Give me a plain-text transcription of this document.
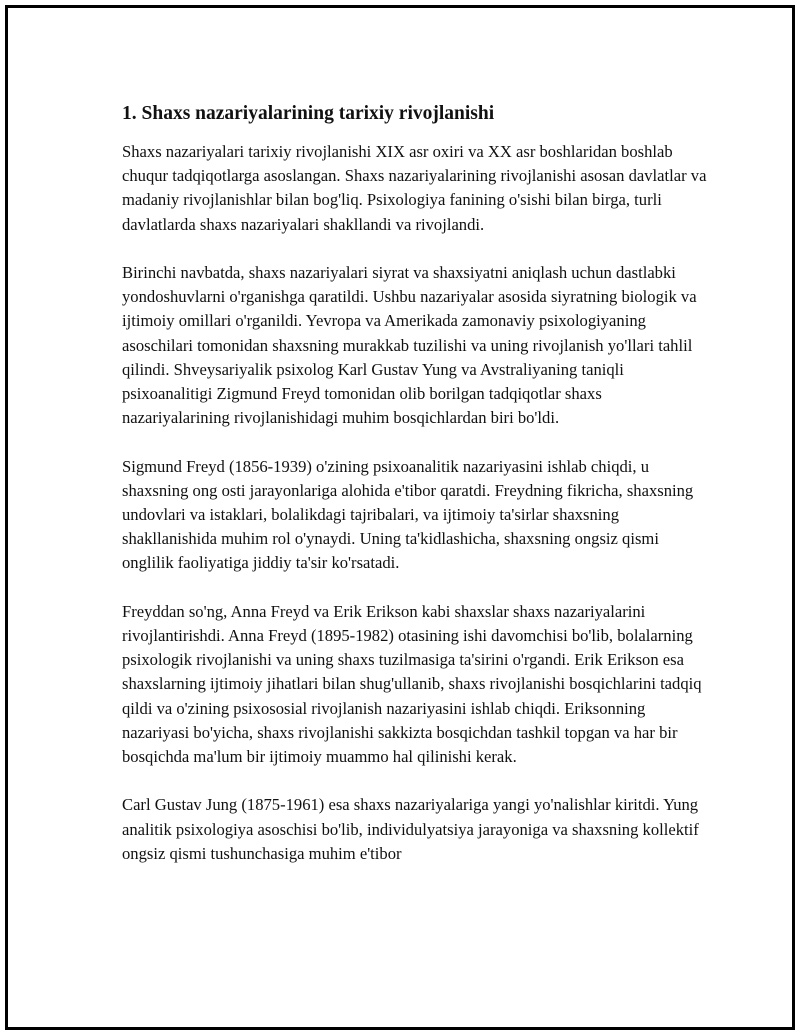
1. Shaxs nazariyalarining tarixiy rivojlanishi

Shaxs nazariyalari tarixiy rivojlanishi XIX asr oxiri va XX asr boshlaridan boshlab chuqur tadqiqotlarga asoslangan. Shaxs nazariyalarining rivojlanishi asosan davlatlar va madaniy rivojlanishlar bilan bog'liq. Psixologiya fanining o'sishi bilan birga, turli davlatlarda shaxs nazariyalari shakllandi va rivojlandi.

Birinchi navbatda, shaxs nazariyalari siyrat va shaxsiyatni aniqlash uchun dastlabki yondoshuvlarni o'rganishga qaratildi. Ushbu nazariyalar asosida siyratning biologik va ijtimoiy omillari o'rganildi. Yevropa va Amerikada zamonaviy psixologiyaning asoschilari tomonidan shaxsning murakkab tuzilishi va uning rivojlanish yo'llari tahlil qilindi. Shveysariyalik psixolog Karl Gustav Yung va Avstraliyaning taniqli psixoanalitigi Zigmund Freyd tomonidan olib borilgan tadqiqotlar shaxs nazariyalarining rivojlanishidagi muhim bosqichlardan biri bo'ldi.

Sigmund Freyd (1856-1939) o'zining psixoanalitik nazariyasini ishlab chiqdi, u shaxsning ong osti jarayonlariga alohida e'tibor qaratdi. Freydning fikricha, shaxsning undovlari va istaklari, bolalikdagi tajribalari, va ijtimoiy ta'sirlar shaxsning shakllanishida muhim rol o'ynaydi. Uning ta'kidlashicha, shaxsning ongsiz qismi onglilik faoliyatiga jiddiy ta'sir ko'rsatadi.

Freyddan so'ng, Anna Freyd va Erik Erikson kabi shaxslar shaxs nazariyalarini rivojlantirishdi. Anna Freyd (1895-1982) otasining ishi davomchisi bo'lib, bolalarning psixologik rivojlanishi va uning shaxs tuzilmasiga ta'sirini o'rgandi. Erik Erikson esa shaxslarning ijtimoiy jihatlari bilan shug'ullanib, shaxs rivojlanishi bosqichlarini tadqiq qildi va o'zining psixososial rivojlanish nazariyasini ishlab chiqdi. Eriksonning nazariyasi bo'yicha, shaxs rivojlanishi sakkizta bosqichdan tashkil topgan va har bir bosqichda ma'lum bir ijtimoiy muammo hal qilinishi kerak.

Carl Gustav Jung (1875-1961) esa shaxs nazariyalariga yangi yo'nalishlar kiritdi. Yung analitik psixologiya asoschisi bo'lib, individulyatsiya jarayoniga va shaxsning kollektif ongsiz qismi tushunchasiga muhim e'tibor
